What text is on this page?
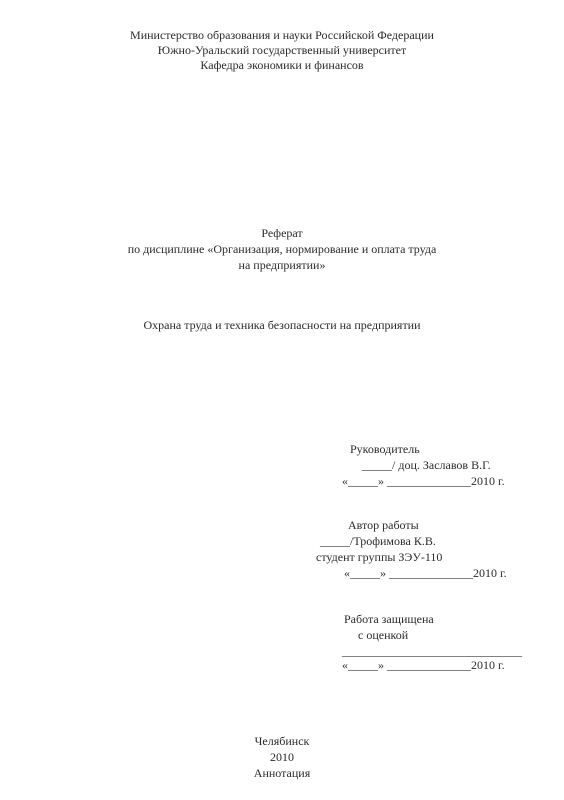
Министерство образования и науки Российской Федерации
Южно-Уральский государственный университет
Кафедра экономики и финансов
Реферат
по дисциплине «Организация, нормирование и оплата труда
на предприятии»
Охрана труда и техника безопасности на предприятии
Руководитель
_____/ доц. Заславов В.Г.
«_____» ______________2010 г.
Автор работы
_____/Трофимова К.В.
студент группы ЗЭУ-110
«_____» ______________2010 г.
Работа защищена
с оценкой
______________________________
«_____» ______________2010 г.
Челябинск
2010
Аннотация
